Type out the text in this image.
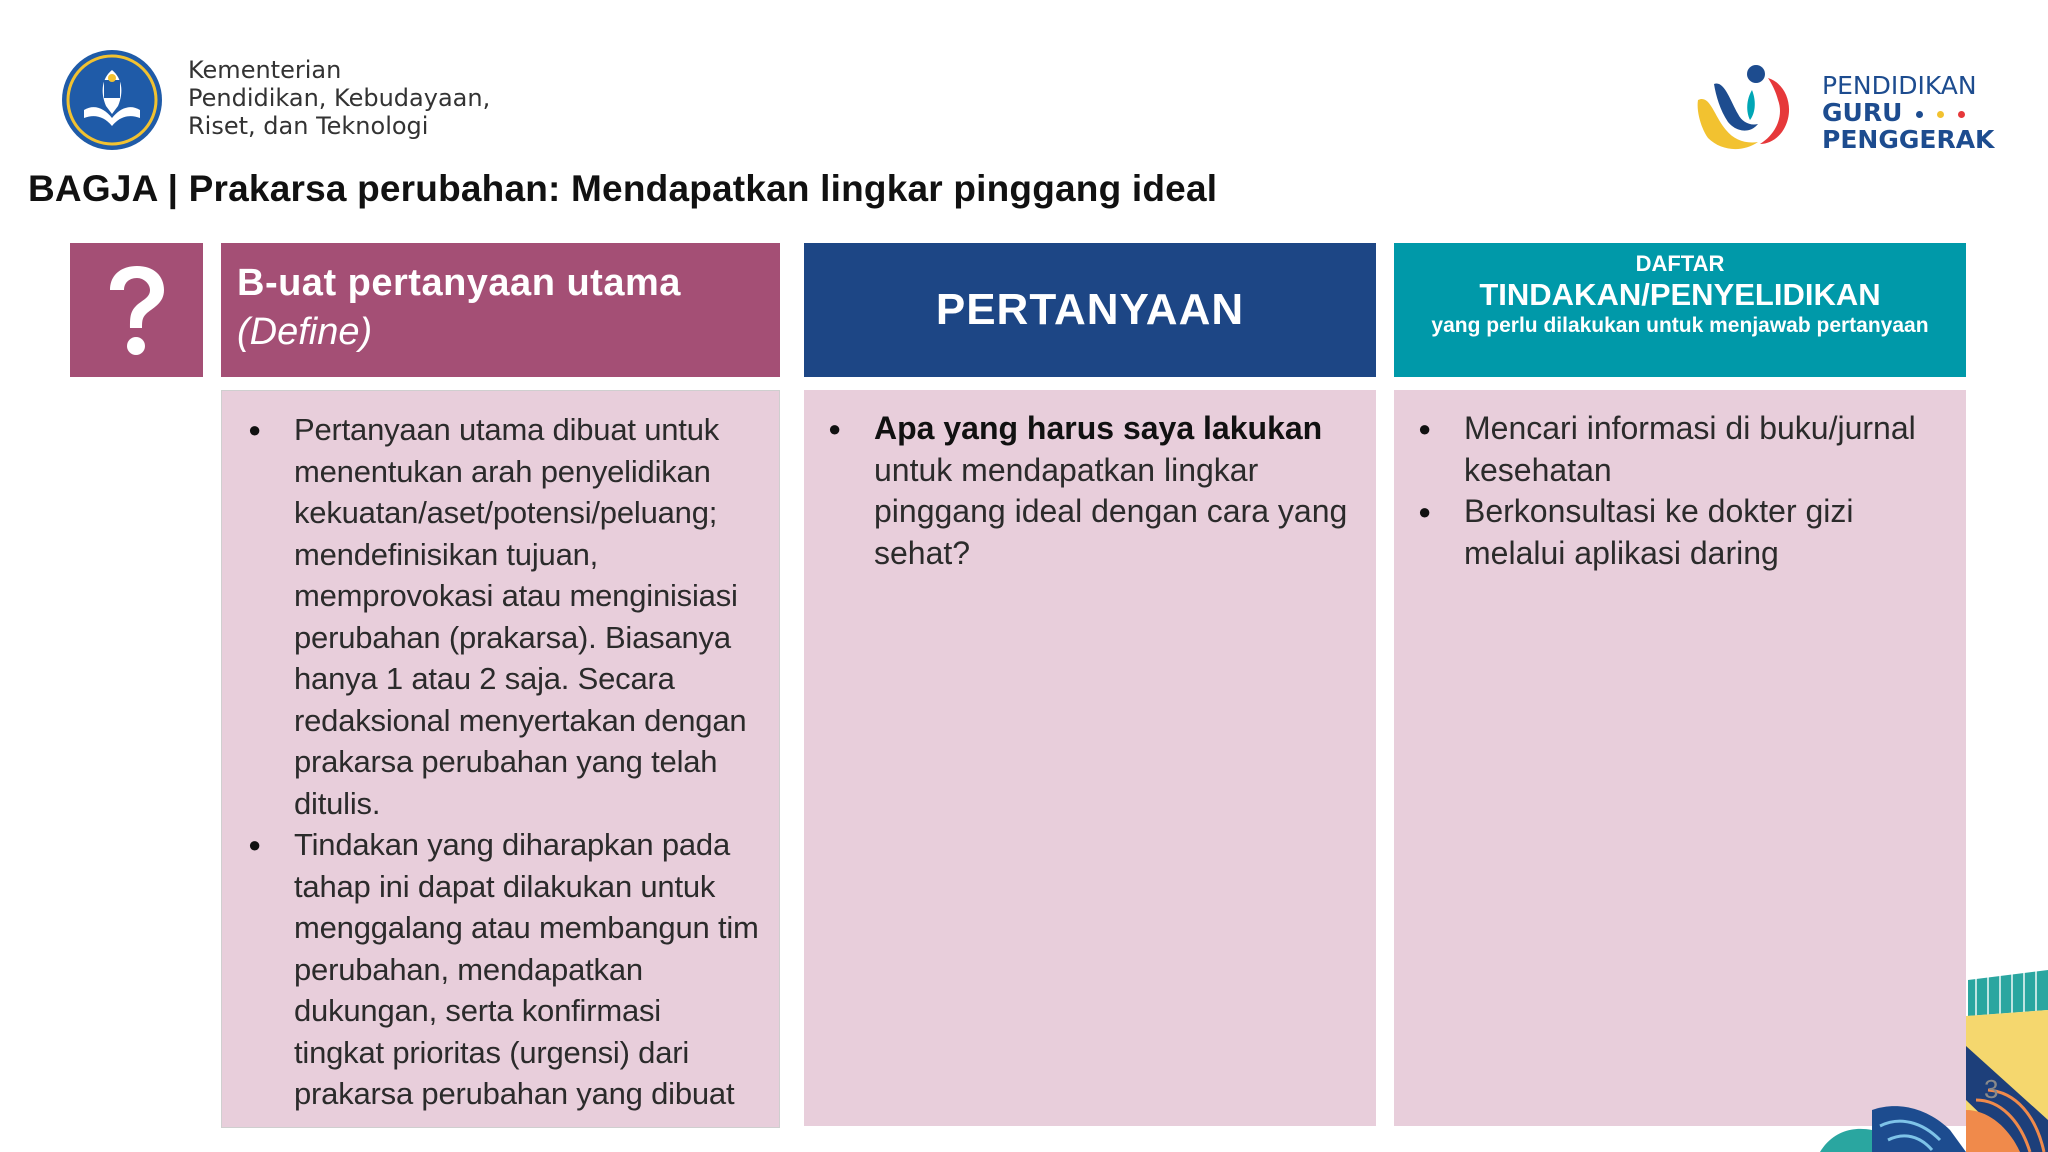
Kementerian
Pendidikan, Kebudayaan,
Riset, dan Teknologi
PENDIDIKAN
GURU
PENGGERAK
BAGJA | Prakarsa perubahan: Mendapatkan lingkar pinggang ideal
B-uat pertanyaan utama
(Define)	PERTANYAAN
DAFTAR
TINDAKAN/PENYELIDIKAN
yang perlu dilakukan untuk menjawab pertanyaan
● Pertanyaan utama dibuat untuk menentukan arah penyelidikan kekuatan/aset/potensi/peluang; mendefinisikan tujuan, memprovokasi atau menginisiasi perubahan (prakarsa). Biasanya hanya 1 atau 2 saja. Secara redaksional menyertakan dengan prakarsa perubahan yang telah ditulis.
● Tindakan yang diharapkan pada tahap ini dapat dilakukan untuk menggalang atau membangun tim perubahan, mendapatkan dukungan, serta konfirmasi tingkat prioritas (urgensi) dari prakarsa perubahan yang dibuat
● Apa yang harus saya lakukan
untuk mendapatkan lingkar pinggang ideal dengan cara yang sehat?
● Mencari informasi di buku/jurnal kesehatan
● Berkonsultasi ke dokter gizi melalui aplikasi daring
3
